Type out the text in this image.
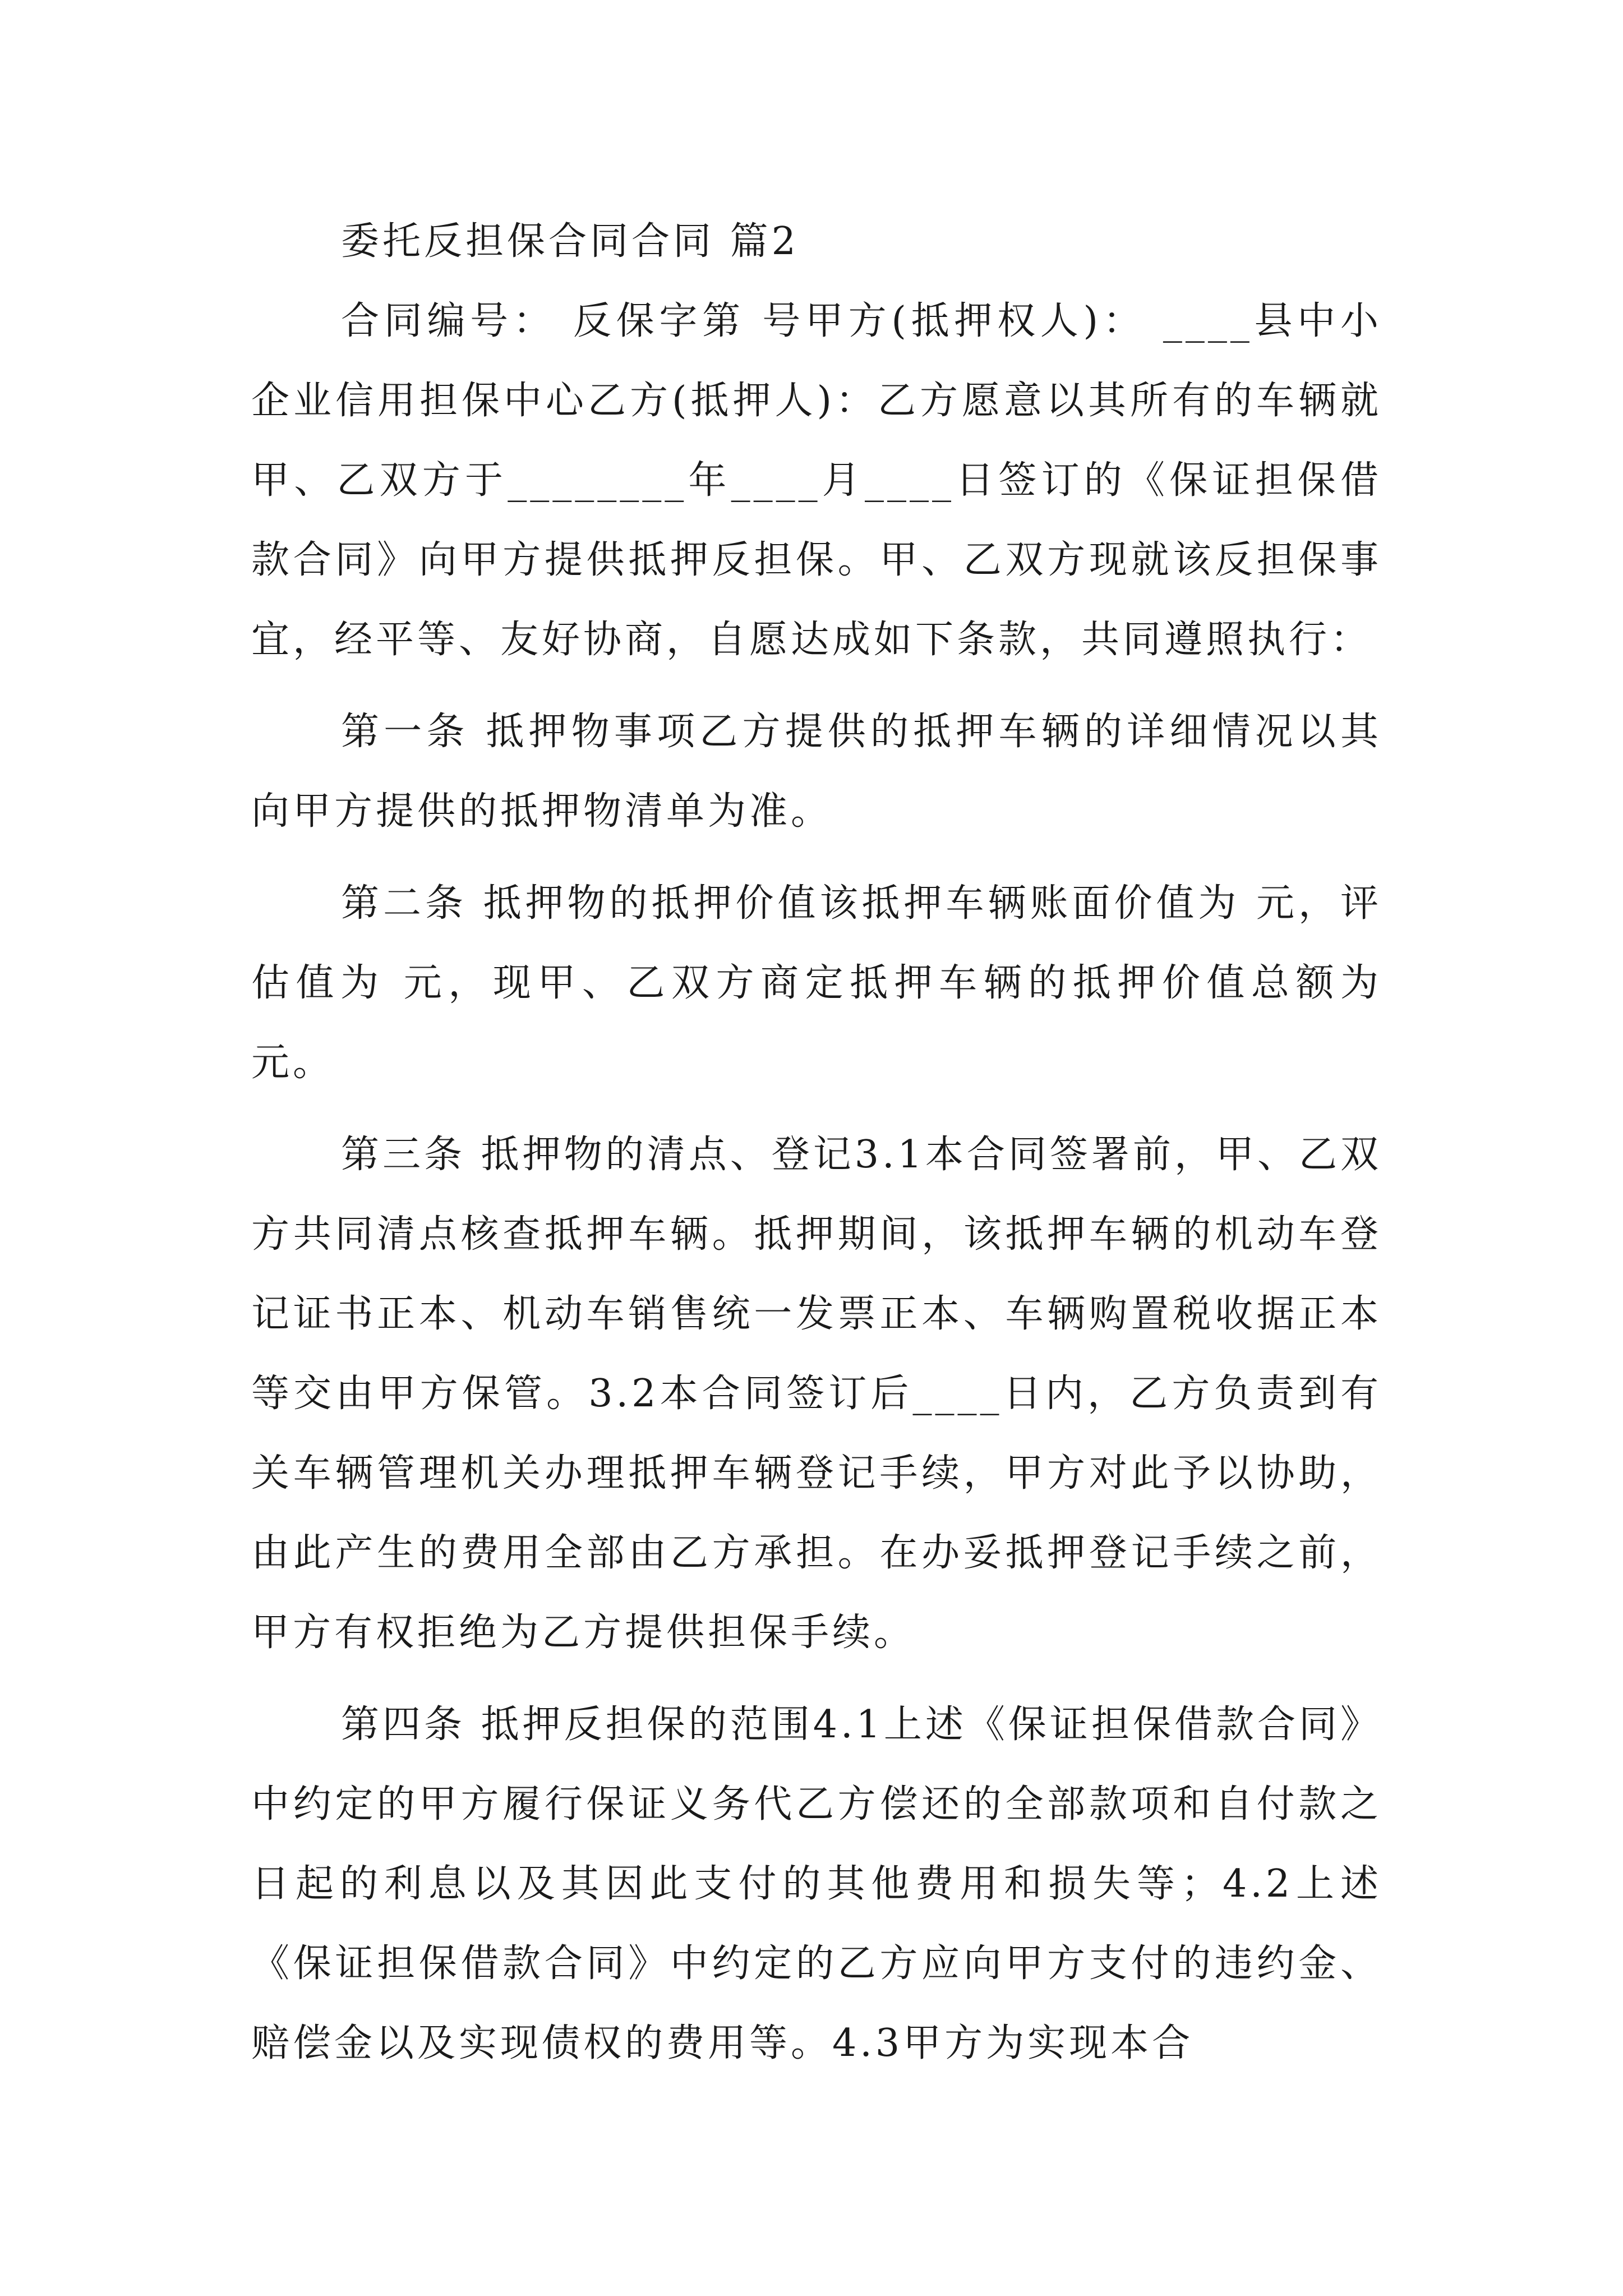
委托反担保合同合同 篇2

合同编号： 反保字第 号甲方(抵押权人)： ____县中小企业信用担保中心乙方(抵押人)：乙方愿意以其所有的车辆就甲、乙双方于________年____月____日签订的《保证担保借款合同》向甲方提供抵押反担保。甲、乙双方现就该反担保事宜，经平等、友好协商，自愿达成如下条款，共同遵照执行：

第一条 抵押物事项乙方提供的抵押车辆的详细情况以其向甲方提供的抵押物清单为准。

第二条 抵押物的抵押价值该抵押车辆账面价值为 元，评估值为 元，现甲、乙双方商定抵押车辆的抵押价值总额为 元。

第三条 抵押物的清点、登记3.1本合同签署前，甲、乙双方共同清点核查抵押车辆。抵押期间，该抵押车辆的机动车登记证书正本、机动车销售统一发票正本、车辆购置税收据正本等交由甲方保管。3.2本合同签订后____日内，乙方负责到有关车辆管理机关办理抵押车辆登记手续，甲方对此予以协助，由此产生的费用全部由乙方承担。在办妥抵押登记手续之前，甲方有权拒绝为乙方提供担保手续。

第四条 抵押反担保的范围4.1上述《保证担保借款合同》中约定的甲方履行保证义务代乙方偿还的全部款项和自付款之日起的利息以及其因此支付的其他费用和损失等；4.2上述《保证担保借款合同》中约定的乙方应向甲方支付的违约金、赔偿金以及实现债权的费用等。4.3甲方为实现本合
